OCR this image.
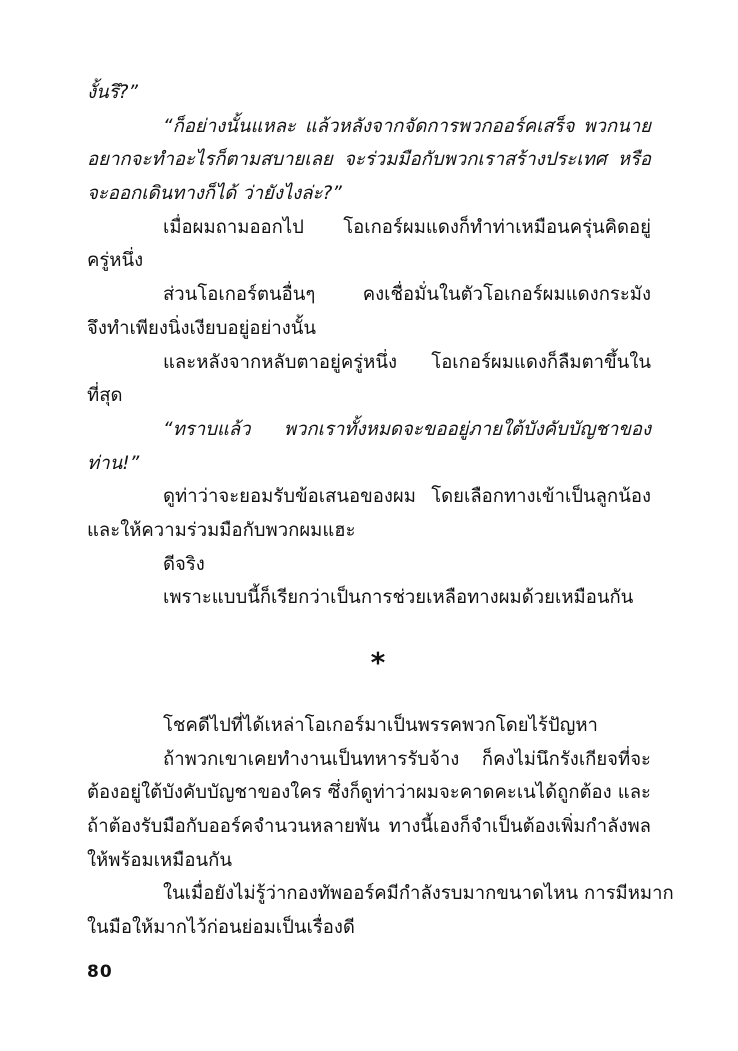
งั้นรึ?”
“ก็อย่างนั้นแหละ แล้วหลังจากจัดการพวกออร์คเสร็จ พวกนาย
อยากจะทำอะไรก็ตามสบายเลย จะร่วมมือกับพวกเราสร้างประเทศ หรือ
จะออกเดินทางก็ได้ ว่ายังไงล่ะ?”
เมื่อผมถามออกไป โอเกอร์ผมแดงก็ทำท่าเหมือนครุ่นคิดอยู่
ครู่หนึ่ง
ส่วนโอเกอร์ตนอื่นๆ คงเชื่อมั่นในตัวโอเกอร์ผมแดงกระมัง
จึงทำเพียงนิ่งเงียบอยู่อย่างนั้น
และหลังจากหลับตาอยู่ครู่หนึ่ง โอเกอร์ผมแดงก็ลืมตาขึ้นใน
ที่สุด
“ทราบแล้ว พวกเราทั้งหมดจะขออยู่ภายใต้บังคับบัญชาของ
ท่าน!”
ดูท่าว่าจะยอมรับข้อเสนอของผม โดยเลือกทางเข้าเป็นลูกน้อง
และให้ความร่วมมือกับพวกผมแฮะ
ดีจริง
เพราะแบบนี้ก็เรียกว่าเป็นการช่วยเหลือทางผมด้วยเหมือนกัน
*
โชคดีไปที่ได้เหล่าโอเกอร์มาเป็นพรรคพวกโดยไร้ปัญหา
ถ้าพวกเขาเคยทำงานเป็นทหารรับจ้าง ก็คงไม่นึกรังเกียจที่จะ
ต้องอยู่ใต้บังคับบัญชาของใคร ซึ่งก็ดูท่าว่าผมจะคาดคะเนได้ถูกต้อง และ
ถ้าต้องรับมือกับออร์คจำนวนหลายพัน ทางนี้เองก็จำเป็นต้องเพิ่มกำลังพล
ให้พร้อมเหมือนกัน
ในเมื่อยังไม่รู้ว่ากองทัพออร์คมีกำลังรบมากขนาดไหน การมีหมาก
ในมือให้มากไว้ก่อนย่อมเป็นเรื่องดี
80
